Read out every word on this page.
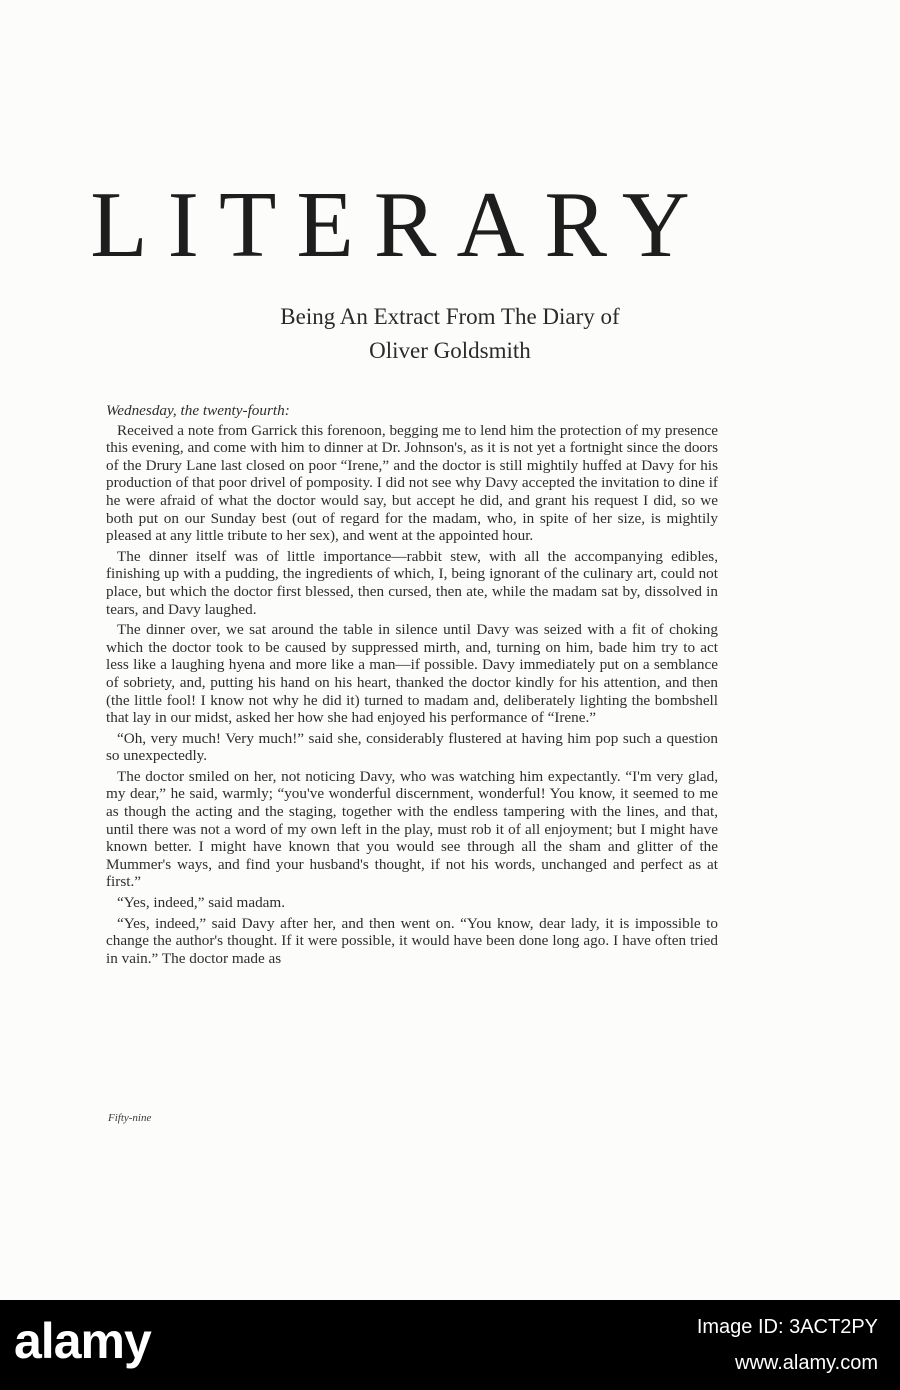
LITERARY
Being An Extract From The Diary of
Oliver Goldsmith

Wednesday, the twenty-fourth:

Received a note from Garrick this forenoon, begging me to lend him the protection of my presence this evening, and come with him to dinner at Dr. Johnson's, as it is not yet a fortnight since the doors of the Drury Lane last closed on poor “Irene,” and the doctor is still mightily huffed at Davy for his production of that poor drivel of pomposity. I did not see why Davy accepted the invitation to dine if he were afraid of what the doctor would say, but accept he did, and grant his request I did, so we both put on our Sunday best (out of regard for the madam, who, in spite of her size, is mightily pleased at any little tribute to her sex), and went at the appointed hour.

The dinner itself was of little importance—rabbit stew, with all the accompanying edibles, finishing up with a pudding, the ingredients of which, I, being ignorant of the culinary art, could not place, but which the doctor first blessed, then cursed, then ate, while the madam sat by, dissolved in tears, and Davy laughed.

The dinner over, we sat around the table in silence until Davy was seized with a fit of choking which the doctor took to be caused by suppressed mirth, and, turning on him, bade him try to act less like a laughing hyena and more like a man—if possible. Davy immediately put on a semblance of sobriety, and, putting his hand on his heart, thanked the doctor kindly for his attention, and then (the little fool! I know not why he did it) turned to madam and, deliberately lighting the bombshell that lay in our midst, asked her how she had enjoyed his performance of “Irene.”

“Oh, very much! Very much!” said she, considerably flustered at having him pop such a question so unexpectedly.

The doctor smiled on her, not noticing Davy, who was watching him expectantly. “I'm very glad, my dear,” he said, warmly; “you've wonderful discernment, wonderful! You know, it seemed to me as though the acting and the staging, together with the endless tampering with the lines, and that, until there was not a word of my own left in the play, must rob it of all enjoyment; but I might have known better. I might have known that you would see through all the sham and glitter of the Mummer's ways, and find your husband's thought, if not his words, unchanged and perfect as at first.”

“Yes, indeed,” said madam.

“Yes, indeed,” said Davy after her, and then went on. “You know, dear lady, it is impossible to change the author's thought. If it were possible, it would have been done long ago. I have often tried in vain.” The doctor made as

Fifty-nine
alamy	Image ID: 3ACT2PY
www.alamy.com
